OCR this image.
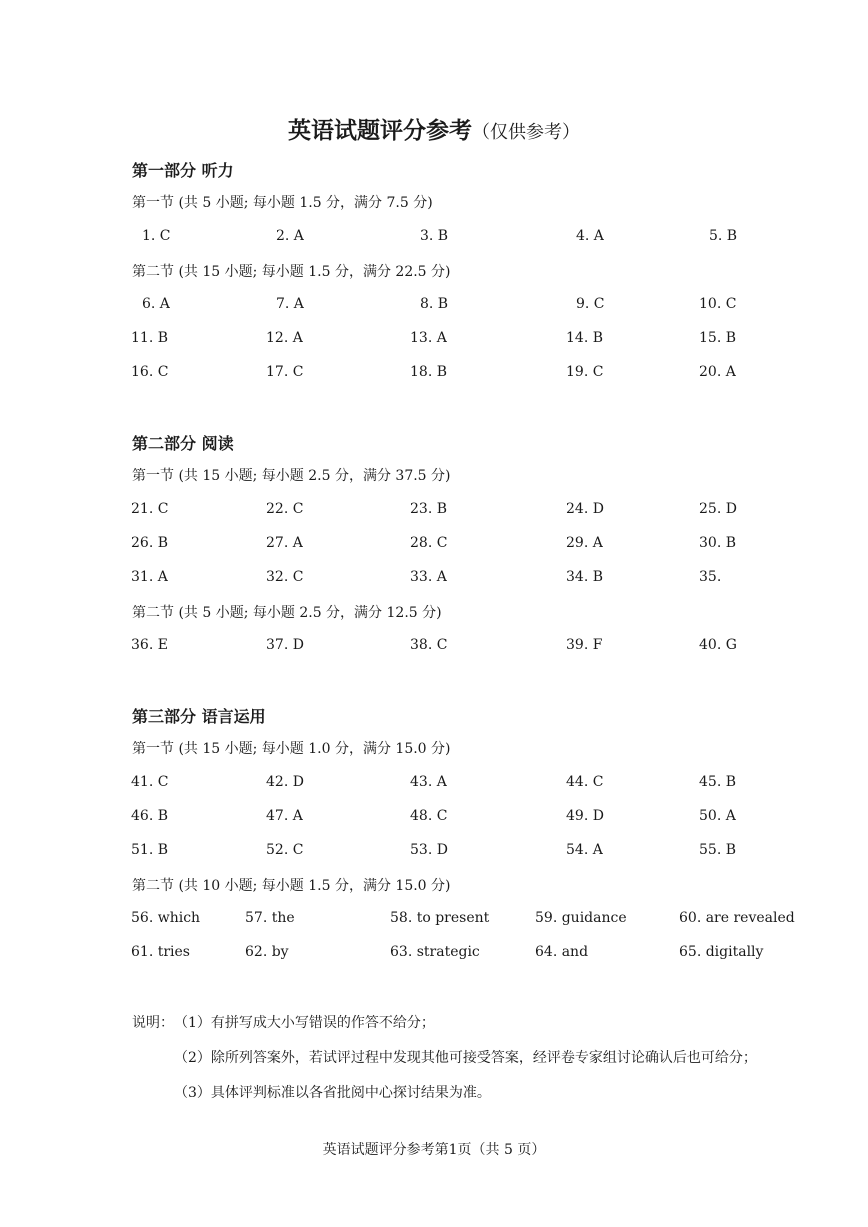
英语试题评分参考（仅供参考）
第一部分 听力
第一节 (共 5 小题; 每小题 1.5 分，满分 7.5 分)
1. C	2. A	3. B	4. A	5. B
第二节 (共 15 小题; 每小题 1.5 分，满分 22.5 分)
6. A	7. A	8. B	9. C	10. C
11. B	12. A	13. A	14. B	15. B
16. C	17. C	18. B	19. C	20. A
第二部分 阅读
第一节 (共 15 小题; 每小题 2.5 分，满分 37.5 分)
21. C	22. C	23. B	24. D	25. D
26. B	27. A	28. C	29. A	30. B
31. A	32. C	33. A	34. B	35.
第二节 (共 5 小题; 每小题 2.5 分，满分 12.5 分)
36. E	37. D	38. C	39. F	40. G
第三部分 语言运用
第一节 (共 15 小题; 每小题 1.0 分，满分 15.0 分)
41. C	42. D	43. A	44. C	45. B
46. B	47. A	48. C	49. D	50. A
51. B	52. C	53. D	54. A	55. B
第二节 (共 10 小题; 每小题 1.5 分，满分 15.0 分)
56. which	57. the	58. to present	59. guidance	60. are revealed
61. tries	62. by	63. strategic	64. and	65. digitally
说明： （1）有拼写成大小写错误的作答不给分；
（2）除所列答案外，若试评过程中发现其他可接受答案，经评卷专家组讨论确认后也可给分；
（3）具体评判标准以各省批阅中心探讨结果为准。
英语试题评分参考第1页（共 5 页）
